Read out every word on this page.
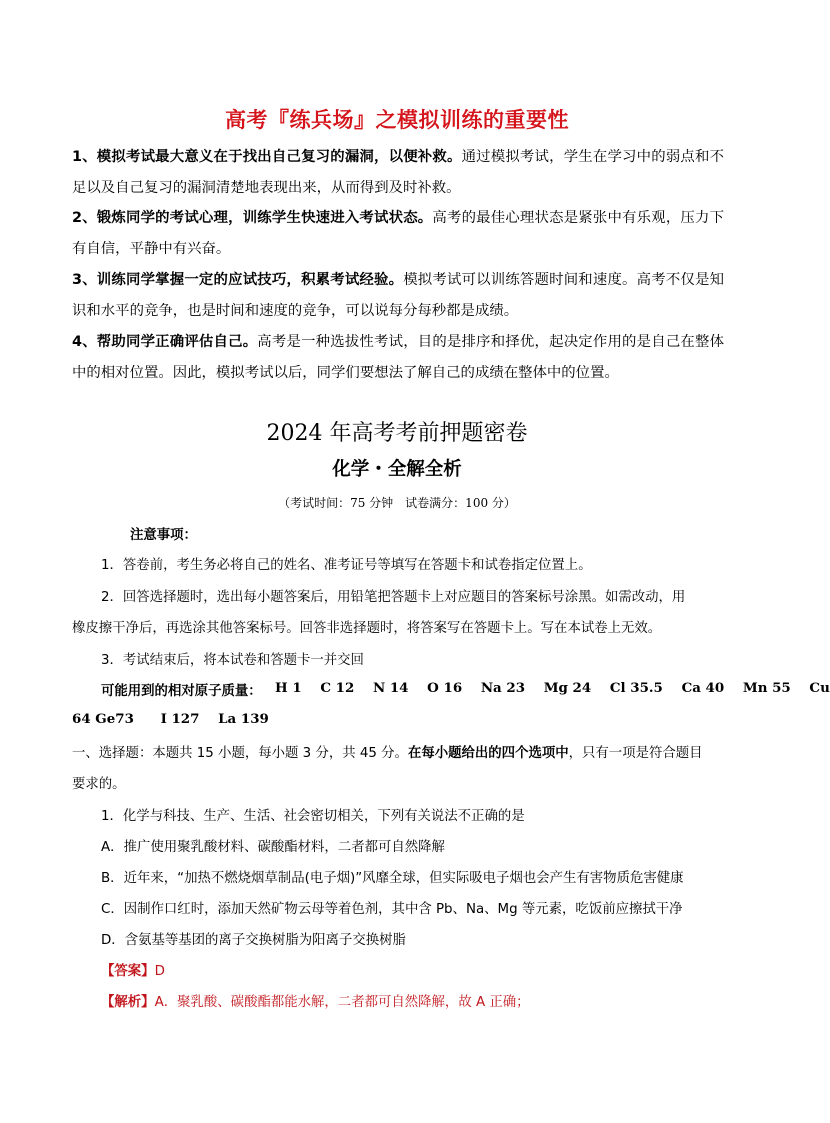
高考『练兵场』之模拟训练的重要性
1、模拟考试最大意义在于找出自己复习的漏洞，以便补救。通过模拟考试，学生在学习中的弱点和不足以及自己复习的漏洞清楚地表现出来，从而得到及时补救。
2、锻炼同学的考试心理，训练学生快速进入考试状态。高考的最佳心理状态是紧张中有乐观，压力下有自信，平静中有兴奋。
3、训练同学掌握一定的应试技巧，积累考试经验。模拟考试可以训练答题时间和速度。高考不仅是知识和水平的竞争，也是时间和速度的竞争，可以说每分每秒都是成绩。
4、帮助同学正确评估自己。高考是一种选拔性考试，目的是排序和择优，起决定作用的是自己在整体中的相对位置。因此，模拟考试以后，同学们要想法了解自己的成绩在整体中的位置。
2024 年高考考前押题密卷
化学・全解全析
（考试时间：75 分钟　试卷满分：100 分）
注意事项：
1．答卷前，考生务必将自己的姓名、准考证号等填写在答题卡和试卷指定位置上。
2．回答选择题时，选出每小题答案后，用铅笔把答题卡上对应题目的答案标号涂黑。如需改动，用
橡皮擦干净后，再选涂其他答案标号。回答非选择题时，将答案写在答题卡上。写在本试卷上无效。
3．考试结束后，将本试卷和答题卡一并交回
可能用到的相对原子质量： H 1 C 12 N 14 O 16 Na 23 Mg 24 Cl 35.5 Ca 40 Mn 55 Cu
64 Ge73 I 127 La 139
一、选择题：本题共 15 小题，每小题 3 分，共 45 分。在每小题给出的四个选项中，只有一项是符合题目
要求的。
1．化学与科技、生产、生活、社会密切相关，下列有关说法不正确的是
A．推广使用聚乳酸材料、碳酸酯材料，二者都可自然降解
B．近年来，“加热不燃烧烟草制品(电子烟)”风靡全球，但实际吸电子烟也会产生有害物质危害健康
C．因制作口红时，添加天然矿物云母等着色剂，其中含 Pb、Na、Mg 等元素，吃饭前应擦拭干净
D．含氨基等基团的离子交换树脂为阳离子交换树脂
【答案】D
【解析】A．聚乳酸、碳酸酯都能水解，二者都可自然降解，故 A 正确；
